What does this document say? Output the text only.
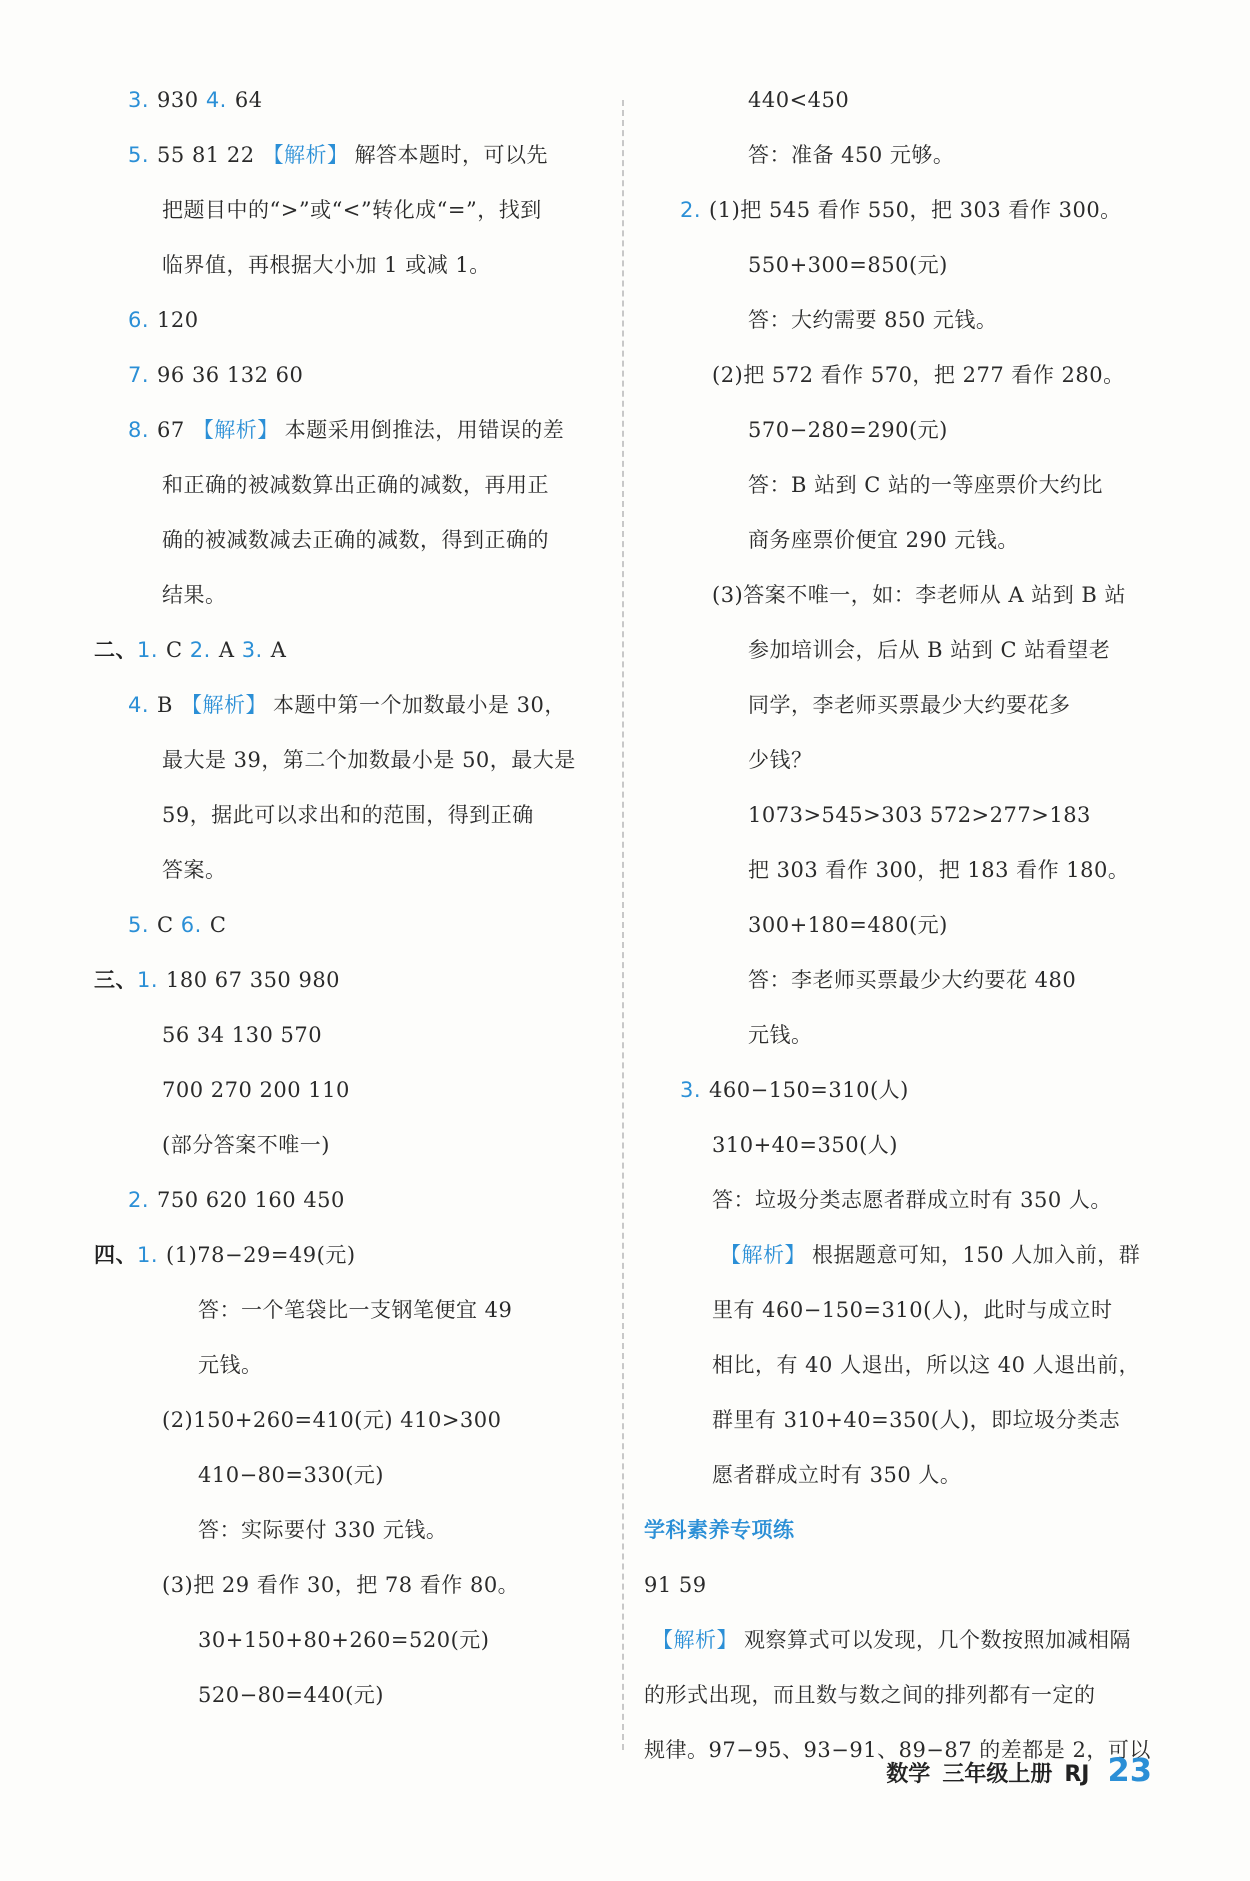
3. 930 4. 64
5. 55 81 22 【解析】 解答本题时，可以先
把题目中的“>”或“<”转化成“=”，找到
临界值，再根据大小加 1 或减 1。
6. 120
7. 96 36 132 60
8. 67 【解析】 本题采用倒推法，用错误的差
和正确的被减数算出正确的减数，再用正
确的被减数减去正确的减数，得到正确的
结果。
二、1. C 2. A 3. A
4. B 【解析】 本题中第一个加数最小是 30，
最大是 39，第二个加数最小是 50，最大是
59，据此可以求出和的范围，得到正确
答案。
5. C 6. C
三、1. 180 67 350 980
56 34 130 570
700 270 200 110
(部分答案不唯一)
2. 750 620 160 450
四、1. (1)78−29=49(元)
答：一个笔袋比一支钢笔便宜 49
元钱。
(2)150+260=410(元) 410>300
410−80=330(元)
答：实际要付 330 元钱。
(3)把 29 看作 30，把 78 看作 80。
30+150+80+260=520(元)
520−80=440(元)
440<450
答：准备 450 元够。
2. (1)把 545 看作 550，把 303 看作 300。
550+300=850(元)
答：大约需要 850 元钱。
(2)把 572 看作 570，把 277 看作 280。
570−280=290(元)
答：B 站到 C 站的一等座票价大约比
商务座票价便宜 290 元钱。
(3)答案不唯一，如：李老师从 A 站到 B 站
参加培训会，后从 B 站到 C 站看望老
同学，李老师买票最少大约要花多
少钱？
1073>545>303 572>277>183
把 303 看作 300，把 183 看作 180。
300+180=480(元)
答：李老师买票最少大约要花 480
元钱。
3. 460−150=310(人)
310+40=350(人)
答：垃圾分类志愿者群成立时有 350 人。
【解析】 根据题意可知，150 人加入前，群
里有 460−150=310(人)，此时与成立时
相比，有 40 人退出，所以这 40 人退出前，
群里有 310+40=350(人)，即垃圾分类志
愿者群成立时有 350 人。
学科素养专项练
91 59
【解析】 观察算式可以发现，几个数按照加减相隔
的形式出现，而且数与数之间的排列都有一定的
规律。97−95、93−91、89−87 的差都是 2，可以
数学 三年级上册 RJ 23
